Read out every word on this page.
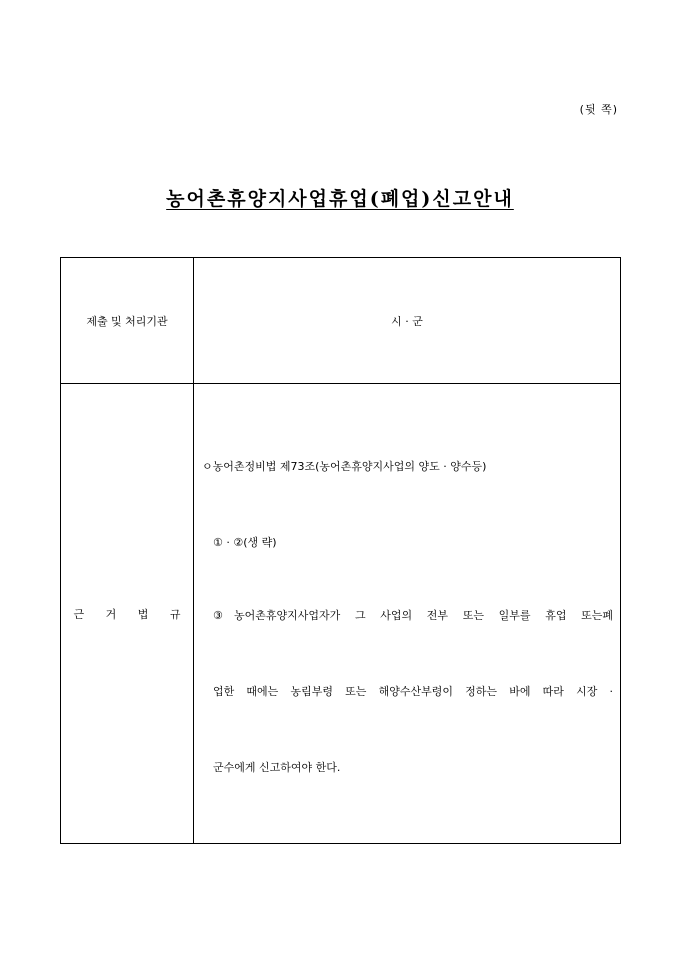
(뒷 쪽)
농어촌휴양지사업휴업(폐업)신고안내
제출 및 처리기관	시 · 군
근 거 법 규	ㅇ농어촌정비법 제73조(농어촌휴양지사업의 양도 · 양수등)
① · ②(생 략)
③농어촌휴양지사업자가 그 사업의 전부 또는 일부를 휴업 또는폐
업한 때에는 농림부령 또는 해양수산부령이 정하는 바에 따라 시장 ·
군수에게 신고하여야 한다.
